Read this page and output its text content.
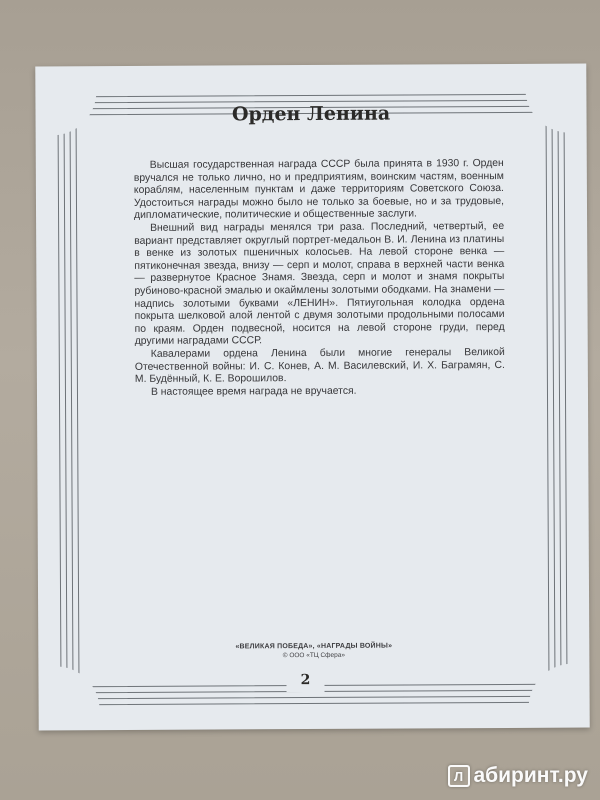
Орден Ленина

Высшая государственная награда СССР была принята в 1930 г. Орден вручался не только лично, но и предприятиям, воинским частям, военным кораблям, населенным пунктам и даже территориям Советского Союза. Удостоиться награды можно было не только за боевые, но и за трудовые, дипломатические, политические и общественные заслуги.

Внешний вид награды менялся три раза. Последний, четвертый, ее вариант представляет округлый портрет-медальон В. И. Ленина из платины в венке из золотых пшеничных колосьев. На левой стороне венка — пятиконечная звезда, внизу — серп и молот, справа в верхней части венка — развернутое Красное Знамя. Звезда, серп и молот и знамя покрыты рубиново-красной эмалью и окаймлены золотыми ободками. На знамени — надпись золотыми буквами «ЛЕНИН». Пятиугольная колодка ордена покрыта шелковой алой лентой с двумя золотыми продольными полосами по краям. Орден подвесной, носится на левой стороне груди, перед другими наградами СССР.

Кавалерами ордена Ленина были многие генералы Великой Отечественной войны: И. С. Конев, А. М. Василевский, И. Х. Баграмян, С. М. Будённый, К. Е. Ворошилов.

В настоящее время награда не вручается.

«ВЕЛИКАЯ ПОБЕДА», «НАГРАДЫ ВОЙНЫ»
© ООО «ТЦ Сфера»
2
Л абиринт.ру
